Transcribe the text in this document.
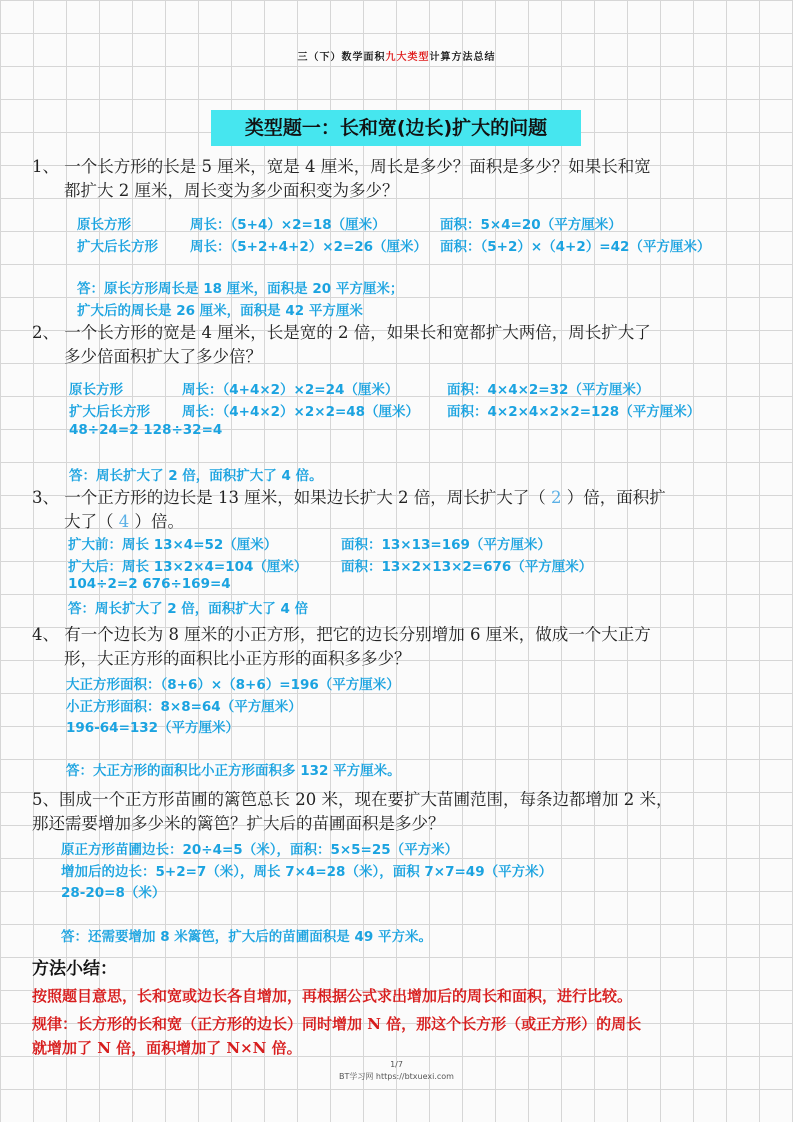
三（下）数学面积九大类型计算方法总结
类型题一：长和宽(边长)扩大的问题
1、 一个长方形的长是 5 厘米，宽是 4 厘米，周长是多少？面积是多少？如果长和宽
都扩大 2 厘米，周长变为多少面积变为多少？
原长方形	周长：（5+4）×2=18（厘米）	面积：5×4=20（平方厘米）
扩大后长方形 周长：（5+2+4+2）×2=26（厘米） 面积：（5+2）×（4+2）=42（平方厘米）
答：原长方形周长是 18 厘米，面积是 20 平方厘米；
扩大后的周长是 26 厘米，面积是 42 平方厘米
2、 一个长方形的宽是 4 厘米，长是宽的 2 倍，如果长和宽都扩大两倍，周长扩大了
多少倍面积扩大了多少倍？
原长方形	周长：（4+4×2）×2=24（厘米）	面积：4×4×2=32（平方厘米）
扩大后长方形 周长：（4+4×2）×2×2=48（厘米） 面积：4×2×4×2×2=128（平方厘米）
48÷24=2 128÷32=4
答：周长扩大了 2 倍，面积扩大了 4 倍。
3、 一个正方形的边长是 13 厘米，如果边长扩大 2 倍，周长扩大了（ 2 ）倍，面积扩
大了（ 4 ）倍。
扩大前：周长 13×4=52（厘米）	面积：13×13=169（平方厘米）
扩大后：周长 13×2×4=104（厘米） 面积：13×2×13×2=676（平方厘米）
104÷2=2 676÷169=4
答：周长扩大了 2 倍，面积扩大了 4 倍
4、 有一个边长为 8 厘米的小正方形，把它的边长分别增加 6 厘米，做成一个大正方
形，大正方形的面积比小正方形的面积多多少？
大正方形面积：（8+6）×（8+6）=196（平方厘米）
小正方形面积：8×8=64（平方厘米）
196-64=132（平方厘米）
答：大正方形的面积比小正方形面积多 132 平方厘米。
5、围成一个正方形苗圃的篱笆总长 20 米，现在要扩大苗圃范围，每条边都增加 2 米，
那还需要增加多少米的篱笆？扩大后的苗圃面积是多少？
原正方形苗圃边长：20÷4=5（米），面积：5×5=25（平方米）
增加后的边长：5+2=7（米），周长 7×4=28（米），面积 7×7=49（平方米）
28-20=8（米）
答：还需要增加 8 米篱笆，扩大后的苗圃面积是 49 平方米。
方法小结：
按照题目意思，长和宽或边长各自增加，再根据公式求出增加后的周长和面积，进行比较。
规律：长方形的长和宽（正方形的边长）同时增加 N 倍，那这个长方形（或正方形）的周长
就增加了 N 倍，面积增加了 N×N 倍。
1/7
BT学习网 https://btxuexi.com
